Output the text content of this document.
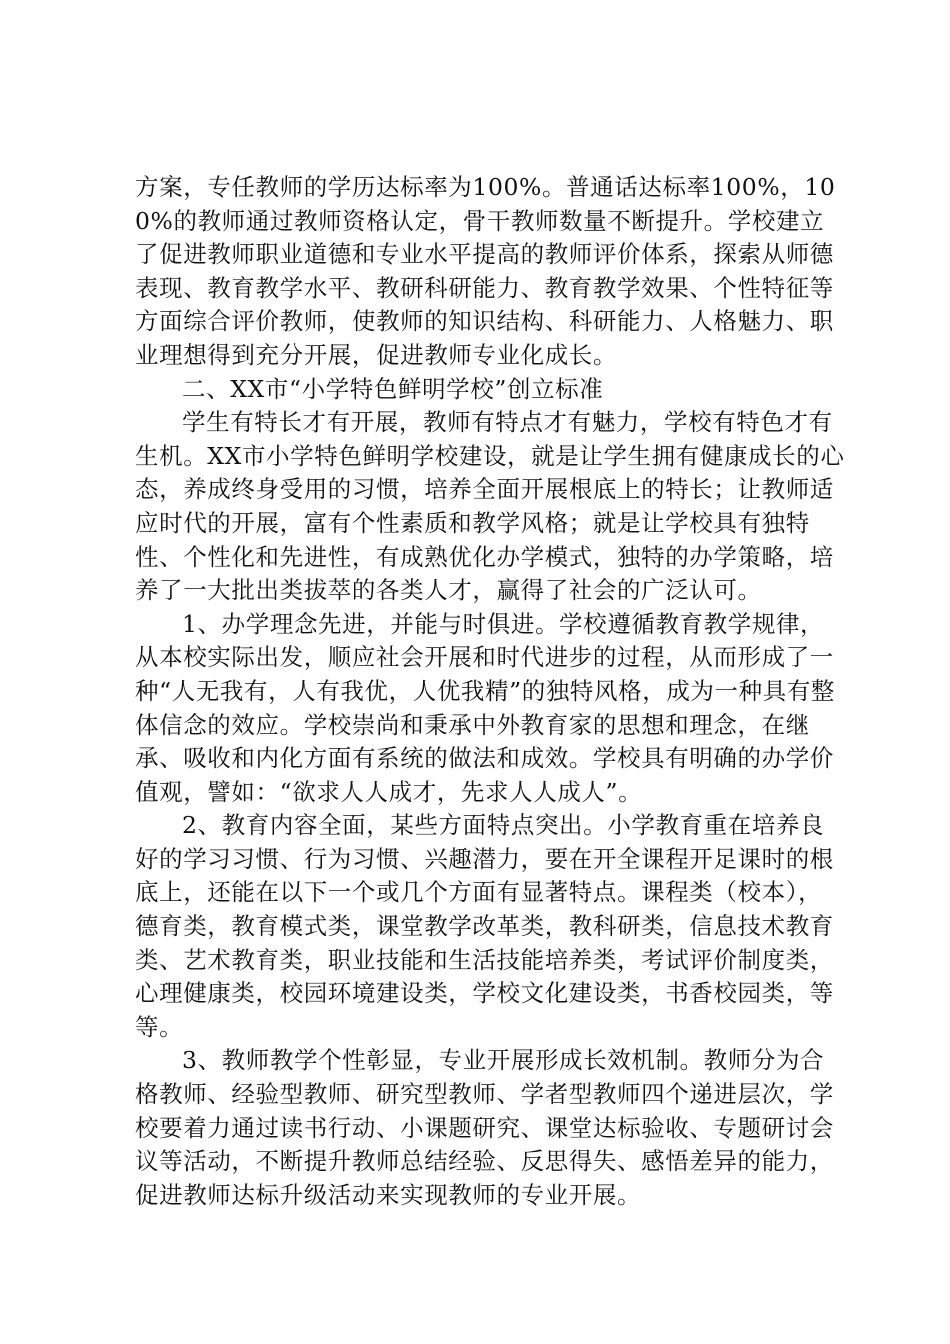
方案，专任教师的学历达标率为100%。普通话达标率100%，100%的教师通过教师资格认定，骨干教师数量不断提升。学校建立了促进教师职业道德和专业水平提高的教师评价体系，探索从师德表现、教育教学水平、教研科研能力、教育教学效果、个性特征等方面综合评价教师，使教师的知识结构、科研能力、人格魅力、职业理想得到充分开展，促进教师专业化成长。

二、XX市“小学特色鲜明学校”创立标准

学生有特长才有开展，教师有特点才有魅力，学校有特色才有生机。XX市小学特色鲜明学校建设，就是让学生拥有健康成长的心态，养成终身受用的习惯，培养全面开展根底上的特长；让教师适应时代的开展，富有个性素质和教学风格；就是让学校具有独特性、个性化和先进性，有成熟优化办学模式，独特的办学策略，培养了一大批出类拔萃的各类人才，赢得了社会的广泛认可。

1、办学理念先进，并能与时俱进。学校遵循教育教学规律，从本校实际出发，顺应社会开展和时代进步的过程，从而形成了一种“人无我有，人有我优，人优我精”的独特风格，成为一种具有整体信念的效应。学校崇尚和秉承中外教育家的思想和理念，在继承、吸收和内化方面有系统的做法和成效。学校具有明确的办学价值观，譬如：“欲求人人成才，先求人人成人”。

2、教育内容全面，某些方面特点突出。小学教育重在培养良好的学习习惯、行为习惯、兴趣潜力，要在开全课程开足课时的根底上，还能在以下一个或几个方面有显著特点。课程类（校本），德育类，教育模式类，课堂教学改革类，教科研类，信息技术教育类、艺术教育类，职业技能和生活技能培养类，考试评价制度类，心理健康类，校园环境建设类，学校文化建设类，书香校园类，等等。

3、教师教学个性彰显，专业开展形成长效机制。教师分为合格教师、经验型教师、研究型教师、学者型教师四个递进层次，学校要着力通过读书行动、小课题研究、课堂达标验收、专题研讨会议等活动，不断提升教师总结经验、反思得失、感悟差异的能力，促进教师达标升级活动来实现教师的专业开展。
